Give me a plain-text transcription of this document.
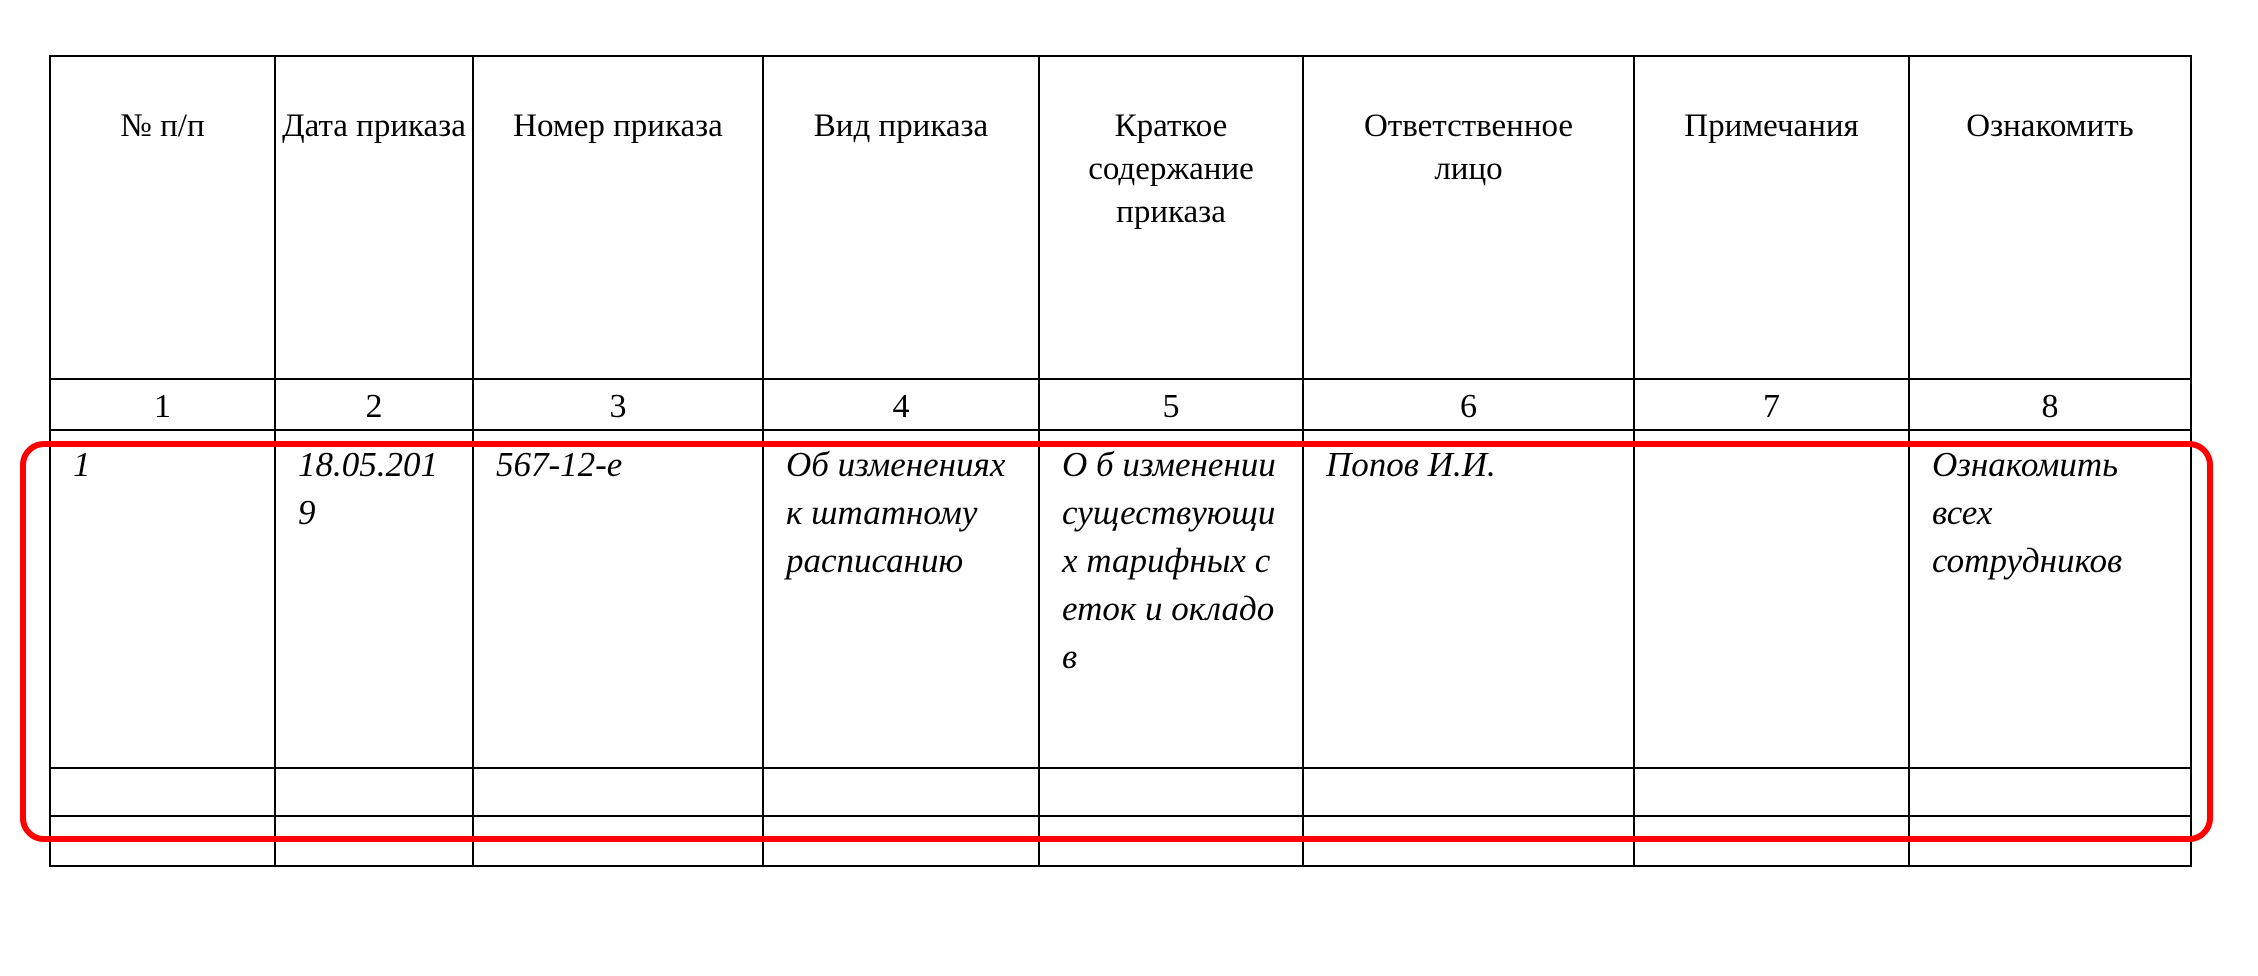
№ п/п	Дата приказа	Номер приказа	Вид приказа	Краткое содержание приказа	Ответственное лицо	Примечания	Ознакомить
1	2	3	4	5	6	7	8
1	18.05.2019	567-12-е	Об изменениях к штатному расписанию	О б изменении существующих тарифных сеток и окладов	Попов И.И.		Ознакомить всех сотрудников
